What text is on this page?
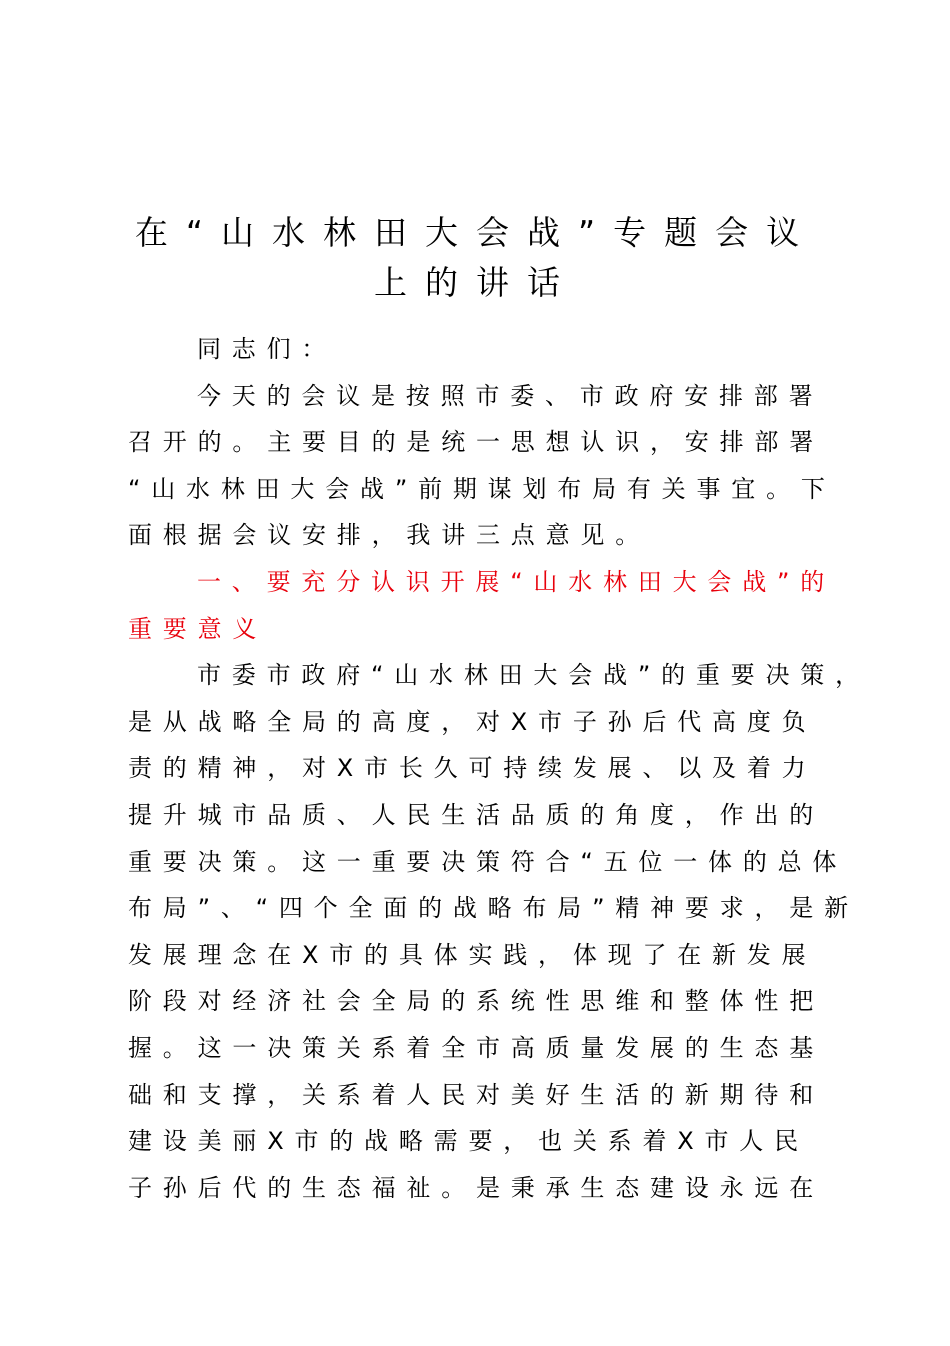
在“山水林田大会战”专题会议
上的讲话
同志们：
今天的会议是按照市委、市政府安排部署
召开的。主要目的是统一思想认识，安排部署
“山水林田大会战”前期谋划布局有关事宜。下
面根据会议安排，我讲三点意见。
一、要充分认识开展“山水林田大会战”的
重要意义
市委市政府“山水林田大会战”的重要决策，
是从战略全局的高度，对X市子孙后代高度负
责的精神，对X市长久可持续发展、以及着力
提升城市品质、人民生活品质的角度，作出的
重要决策。这一重要决策符合“五位一体的总体
布局”、“四个全面的战略布局”精神要求，是新
发展理念在X市的具体实践，体现了在新发展
阶段对经济社会全局的系统性思维和整体性把
握。这一决策关系着全市高质量发展的生态基
础和支撑，关系着人民对美好生活的新期待和
建设美丽X市的战略需要，也关系着X市人民
子孙后代的生态福祉。是秉承生态建设永远在
